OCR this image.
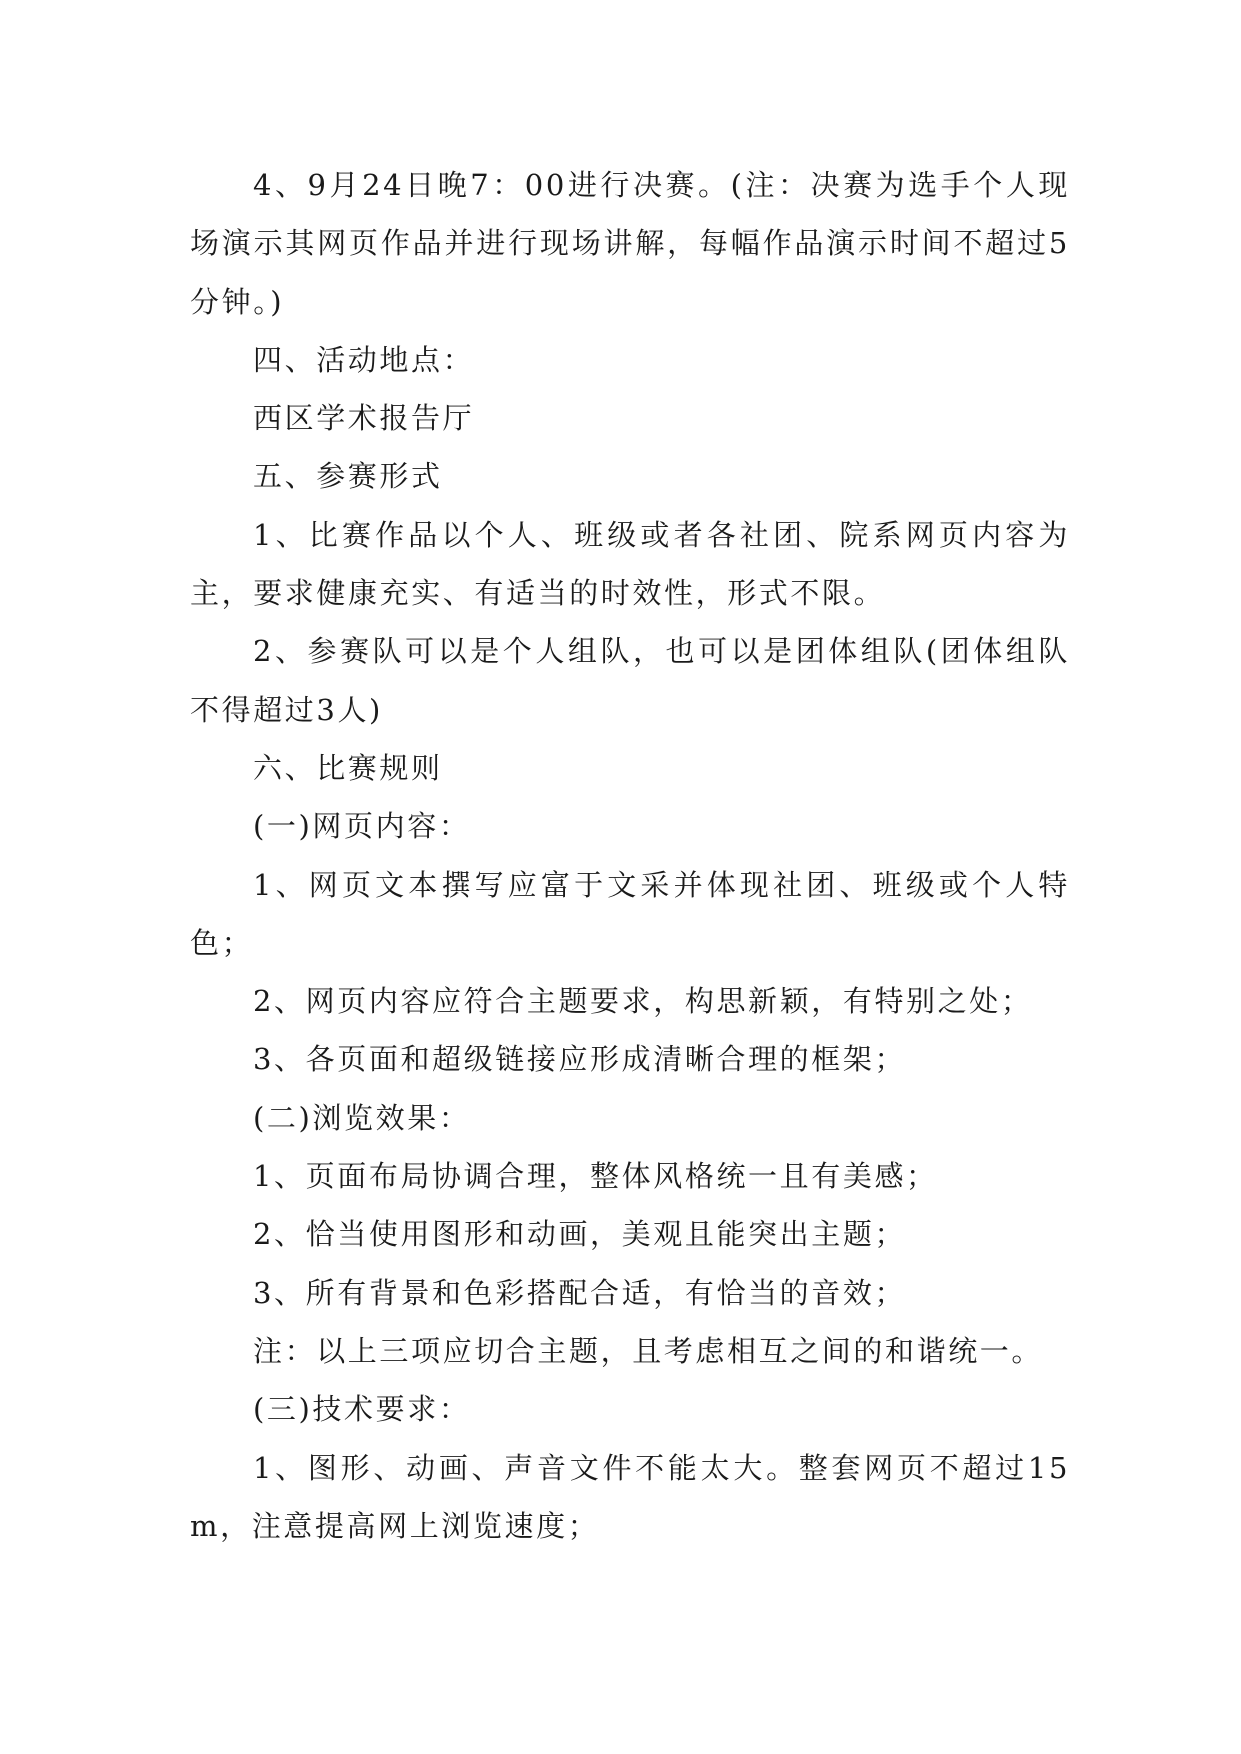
4、9月24日晚7：00进行决赛。(注：决赛为选手个人现场演示其网页作品并进行现场讲解，每幅作品演示时间不超过5分钟。)

四、活动地点：

西区学术报告厅

五、参赛形式

1、比赛作品以个人、班级或者各社团、院系网页内容为主，要求健康充实、有适当的时效性，形式不限。

2、参赛队可以是个人组队，也可以是团体组队(团体组队不得超过3人)

六、比赛规则

(一)网页内容：

1、网页文本撰写应富于文采并体现社团、班级或个人特色；

2、网页内容应符合主题要求，构思新颖，有特别之处；

3、各页面和超级链接应形成清晰合理的框架；

(二)浏览效果：

1、页面布局协调合理，整体风格统一且有美感；

2、恰当使用图形和动画，美观且能突出主题；

3、所有背景和色彩搭配合适，有恰当的音效；

注：以上三项应切合主题，且考虑相互之间的和谐统一。

(三)技术要求：

1、图形、动画、声音文件不能太大。整套网页不超过15m，注意提高网上浏览速度；
